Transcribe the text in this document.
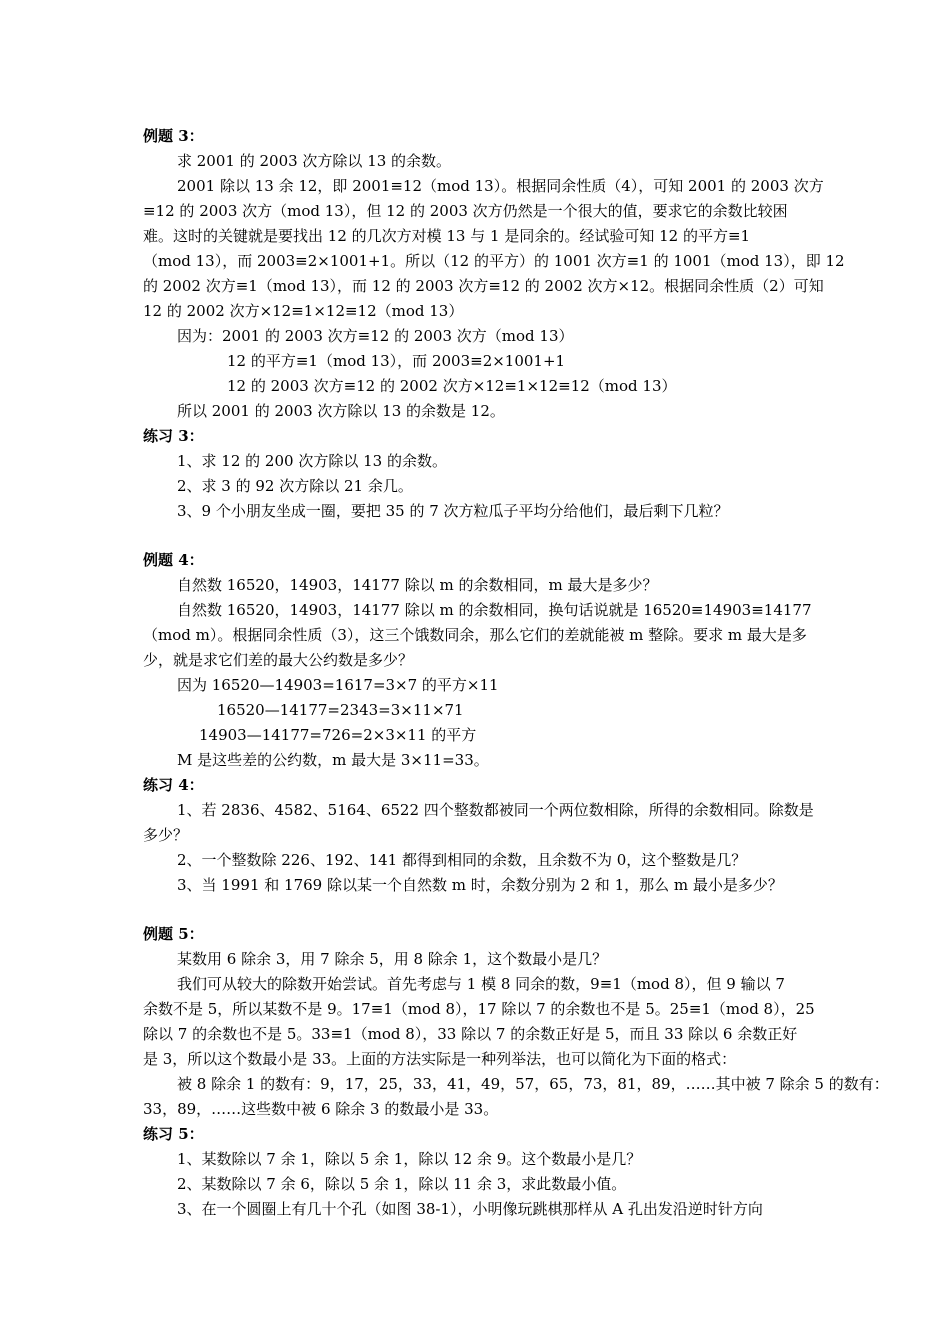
例题 3：
求 2001 的 2003 次方除以 13 的余数。
2001 除以 13 余 12，即 2001≡12（mod 13）。根据同余性质（4），可知 2001 的 2003 次方
≡12 的 2003 次方（mod 13），但 12 的 2003 次方仍然是一个很大的值，要求它的余数比较困
难。这时的关键就是要找出 12 的几次方对模 13 与 1 是同余的。经试验可知 12 的平方≡1
（mod 13），而 2003≡2×1001+1。所以（12 的平方）的 1001 次方≡1 的 1001（mod 13），即 12
的 2002 次方≡1（mod 13），而 12 的 2003 次方≡12 的 2002 次方×12。根据同余性质（2）可知
12 的 2002 次方×12≡1×12≡12（mod 13）
因为：2001 的 2003 次方≡12 的 2003 次方（mod 13）
12 的平方≡1（mod 13），而 2003≡2×1001+1
12 的 2003 次方≡12 的 2002 次方×12≡1×12≡12（mod 13）
所以 2001 的 2003 次方除以 13 的余数是 12。
练习 3：
1、求 12 的 200 次方除以 13 的余数。
2、求 3 的 92 次方除以 21 余几。
3、9 个小朋友坐成一圈，要把 35 的 7 次方粒瓜子平均分给他们，最后剩下几粒？
例题 4：
自然数 16520，14903，14177 除以 m 的余数相同，m 最大是多少？
自然数 16520，14903，14177 除以 m 的余数相同，换句话说就是 16520≡14903≡14177
（mod m）。根据同余性质（3），这三个饿数同余，那么它们的差就能被 m 整除。要求 m 最大是多
少，就是求它们差的最大公约数是多少？
因为 16520—14903=1617=3×7 的平方×11
16520—14177=2343=3×11×71
14903—14177=726=2×3×11 的平方
M 是这些差的公约数，m 最大是 3×11=33。
练习 4：
1、若 2836、4582、5164、6522 四个整数都被同一个两位数相除，所得的余数相同。除数是
多少？
2、一个整数除 226、192、141 都得到相同的余数，且余数不为 0，这个整数是几？
3、当 1991 和 1769 除以某一个自然数 m 时，余数分别为 2 和 1，那么 m 最小是多少？
例题 5：
某数用 6 除余 3，用 7 除余 5，用 8 除余 1，这个数最小是几？
我们可从较大的除数开始尝试。首先考虑与 1 模 8 同余的数，9≡1（mod 8），但 9 输以 7
余数不是 5，所以某数不是 9。17≡1（mod 8），17 除以 7 的余数也不是 5。25≡1（mod 8），25
除以 7 的余数也不是 5。33≡1（mod 8），33 除以 7 的余数正好是 5，而且 33 除以 6 余数正好
是 3，所以这个数最小是 33。上面的方法实际是一种列举法，也可以简化为下面的格式：
被 8 除余 1 的数有：9，17，25，33，41，49，57，65，73，81，89，……其中被 7 除余 5 的数有：
33，89，……这些数中被 6 除余 3 的数最小是 33。
练习 5：
1、某数除以 7 余 1，除以 5 余 1，除以 12 余 9。这个数最小是几？
2、某数除以 7 余 6，除以 5 余 1，除以 11 余 3，求此数最小值。
3、在一个圆圈上有几十个孔（如图 38-1），小明像玩跳棋那样从 A 孔出发沿逆时针方向
